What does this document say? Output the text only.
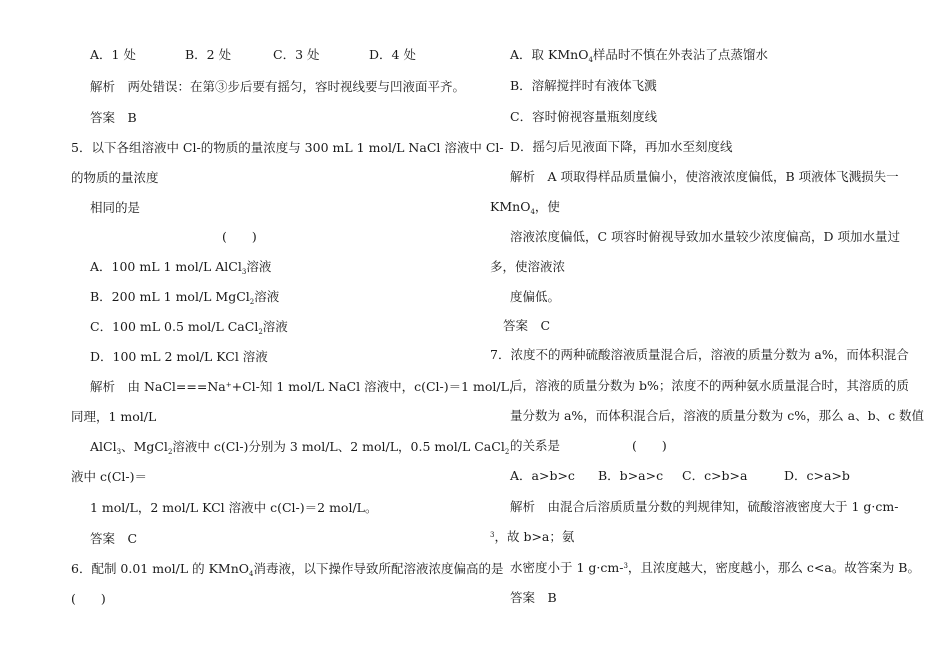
A．1 处	B．2 处	C．3 处	D．4 处
解析　两处错误：在第③步后要有摇匀，容时视线要与凹液面平齐。
答案　B
5．以下各组溶液中 Cl-的物质的量浓度与 300 mL 1 mol/L NaCl 溶液中 Cl-
的物质的量浓度
相同的是
(　　)
A．100 mL 1 mol/L AlCl$_3$溶液
B．200 mL 1 mol/L MgCl$_2$溶液
C．100 mL 0.5 mol/L CaCl$_2$溶液
D．100 mL 2 mol/L KCl 溶液
解析　由 NaCl===Na++Cl-知 1 mol/L NaCl 溶液中，c(Cl-)＝1 mol/L，
同理，1 mol/L
AlCl$_3$、MgCl$_2$溶液中 c(Cl-)分别为 3 mol/L、2 mol/L，0.5 mol/L CaCl$_2$
液中 c(Cl-)＝
1 mol/L，2 mol/L KCl 溶液中 c(Cl-)＝2 mol/L。
答案　C
6．配制 0.01 mol/L 的 KMnO$_4$消毒液，以下操作导致所配溶液浓度偏高的是
(　　)
A．取 KMnO$_4$样品时不慎在外表沾了点蒸馏水
B．溶解搅拌时有液体飞溅
C．容时俯视容量瓶刻度线
D．摇匀后见液面下降，再加水至刻度线
解析　A 项取得样品质量偏小，使溶液浓度偏低，B 项液体飞溅损失一
KMnO$_4$，使
溶液浓度偏低，C 项容时俯视导致加水量较少浓度偏高，D 项加水量过
多，使溶液浓
度偏低。
答案　C
7．浓度不的两种硫酸溶液质量混合后，溶液的质量分数为 a%，而体积混合
后，溶液的质量分数为 b%；浓度不的两种氨水质量混合时，其溶质的质
量分数为 a%，而体积混合后，溶液的质量分数为 c%，那么 a、b、c 数值
的关系是	(　　)
A．a>b>c B．b>a>c C．c>b>a	D．c>a>b
解析　由混合后溶质质量分数的判规律知，硫酸溶液密度大于 1 g·cm-
$^3$，故 b>a；氨
水密度小于 1 g·cm-$^3$，且浓度越大，密度越小，那么 c<a。故答案为 B。
答案　B
